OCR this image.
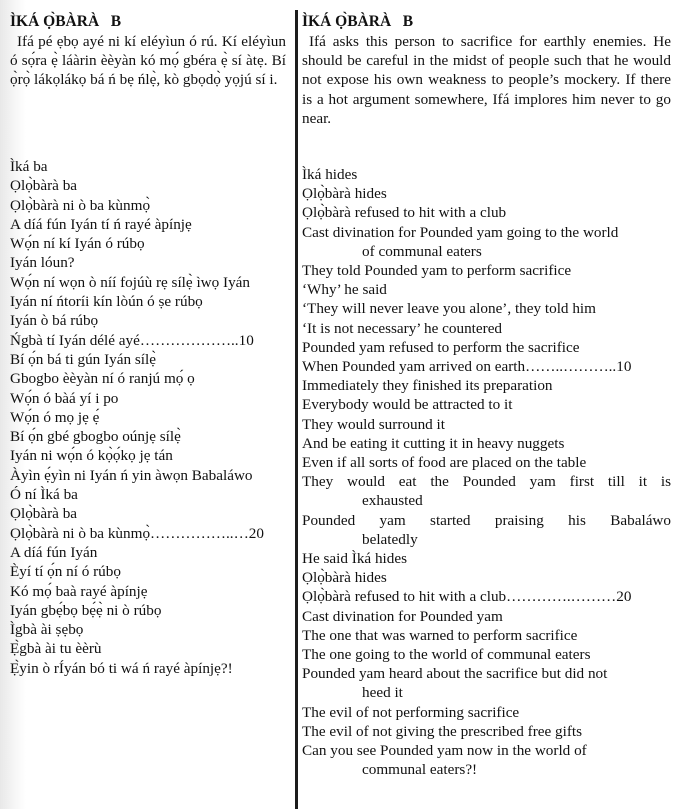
ÌKÁ Ọ̀BÀRÀ   B

Ifá pé ẹbọ ayé ni kí eléyìun ó rú. Kí eléyìun ó sọ́ra ẹ̀ láàrin èèyàn kó mọ́ gbéra ẹ̀ sí àtẹ. Bí ọ̀rọ̀ lákọlákọ bá ń bẹ ńlẹ̀, kò gbọdọ̀ yọjú sí i.

Ìká ba
Ọlọ̀bàrà ba
Ọlọ̀bàrà ni ò ba kùnmọ̀
A díá fún Iyán tí ń rayé àpínjẹ
Wọ́n ní kí Iyán ó rúbọ
Iyán lóun?
Wọ́n ní wọn ò níí fojúù rẹ sílẹ̀ ìwọ Iyán
Iyán ní ńtoríi kín lòún ó ṣe rúbọ
Iyán ò bá rúbọ
Ńgbà tí Iyán délé ayé………………..10
Bí ọ́n bá ti gún Iyán sílẹ̀
Gbogbo èèyàn ní ó ranjú mọ́ ọ
Wọ́n ó bàá yí i po
Wọ́n ó mọ jẹ ẹ́
Bí ọ́n gbé gbogbo oúnjẹ sílẹ̀
Iyán ni wọ́n ó kọ̀ọ́kọ jẹ tán
Àyìn ẹ́yìn ni Iyán ń yin àwọn Babaláwo
Ó ní Ìká ba
Ọlọ̀bàrà ba
Ọlọ̀bàrà ni ò ba kùnmọ̀……………..…20
A díá fún Iyán
Èyí tí ọ́n ní ó rúbọ
Kó mọ́ baà rayé àpínjẹ
Iyán gbẹ́bọ bẹ́ẹ̀ ni ò rúbọ
Ìgbà ài ṣẹbọ
Ẹ̀gbà ài tu èèrù
Ẹ̀yin ò rÍyán bó ti wá ń rayé àpínjẹ?!
ÌKÁ Ọ̀BÀRÀ   B

Ifá asks this person to sacrifice for earthly enemies. He should be careful in the midst of people such that he would not expose his own weakness to people’s mockery. If there is a hot argument somewhere, Ifá implores him never to go near.

Ìká hides
Ọlọ̀bàrà hides
Ọlọ̀bàrà refused to hit with a club
Cast divination for Pounded yam going to the world
of communal eaters
They told Pounded yam to perform sacrifice
‘Why’ he said
‘They will never leave you alone’, they told him
‘It is not necessary’ he countered
Pounded yam refused to perform the sacrifice
When Pounded yam arrived on earth……..………..10
Immediately they finished its preparation
Everybody would be attracted to it
They would surround it
And be eating it cutting it in heavy nuggets
Even if all sorts of food are placed on the table
They would eat the Pounded yam first till it is
exhausted
Pounded yam started praising his Babaláwo
belatedly
He said Ìká hides
Ọlọ̀bàrà hides
Ọlọ̀bàrà refused to hit with a club………….………20
Cast divination for Pounded yam
The one that was warned to perform sacrifice
The one going to the world of communal eaters
Pounded yam heard about the sacrifice but did not
heed it
The evil of not performing sacrifice
The evil of not giving the prescribed free gifts
Can you see Pounded yam now in the world of
communal eaters?!
